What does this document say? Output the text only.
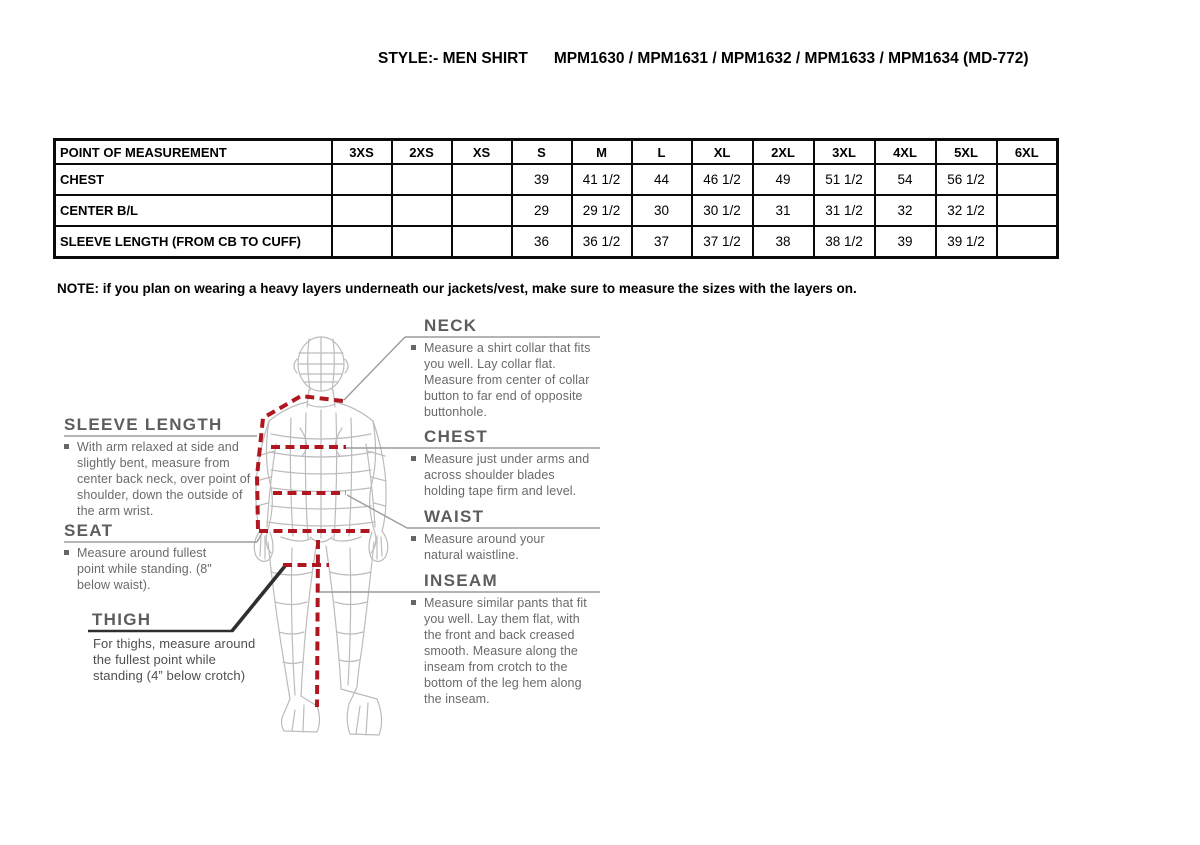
STYLE:- MEN SHIRT MPM1630 / MPM1631 / MPM1632 / MPM1633 / MPM1634 (MD-772)
POINT OF MEASUREMENT	3XS	2XS	XS	S	M	L	XL	2XL	3XL	4XL	5XL	6XL
CHEST				39	41 1/2	44	46 1/2	49	51 1/2	54	56 1/2	
CENTER B/L				29	29 1/2	30	30 1/2	31	31 1/2	32	32 1/2	
SLEEVE LENGTH (FROM CB TO CUFF)				36	36 1/2	37	37 1/2	38	38 1/2	39	39 1/2	
NOTE: if you plan on wearing a heavy layers underneath our jackets/vest, make sure to measure the sizes with the layers on.
NECK
Measure a shirt collar that fits you well. Lay collar flat. Measure from center of collar button to far end of opposite buttonhole.
SLEEVE LENGTH
With arm relaxed at side and slightly bent, measure from center back neck, over point of shoulder, down the outside of the arm wrist.
CHEST
Measure just under arms and across shoulder blades holding tape firm and level.
SEAT
Measure around fullest point while standing. (8" below waist).
WAIST
Measure around your natural waistline.
THIGH
For thighs, measure around the fullest point while standing (4” below crotch)
INSEAM
Measure similar pants that fit you well. Lay them flat, with the front and back creased smooth. Measure along the inseam from crotch to the bottom of the leg hem along the inseam.
